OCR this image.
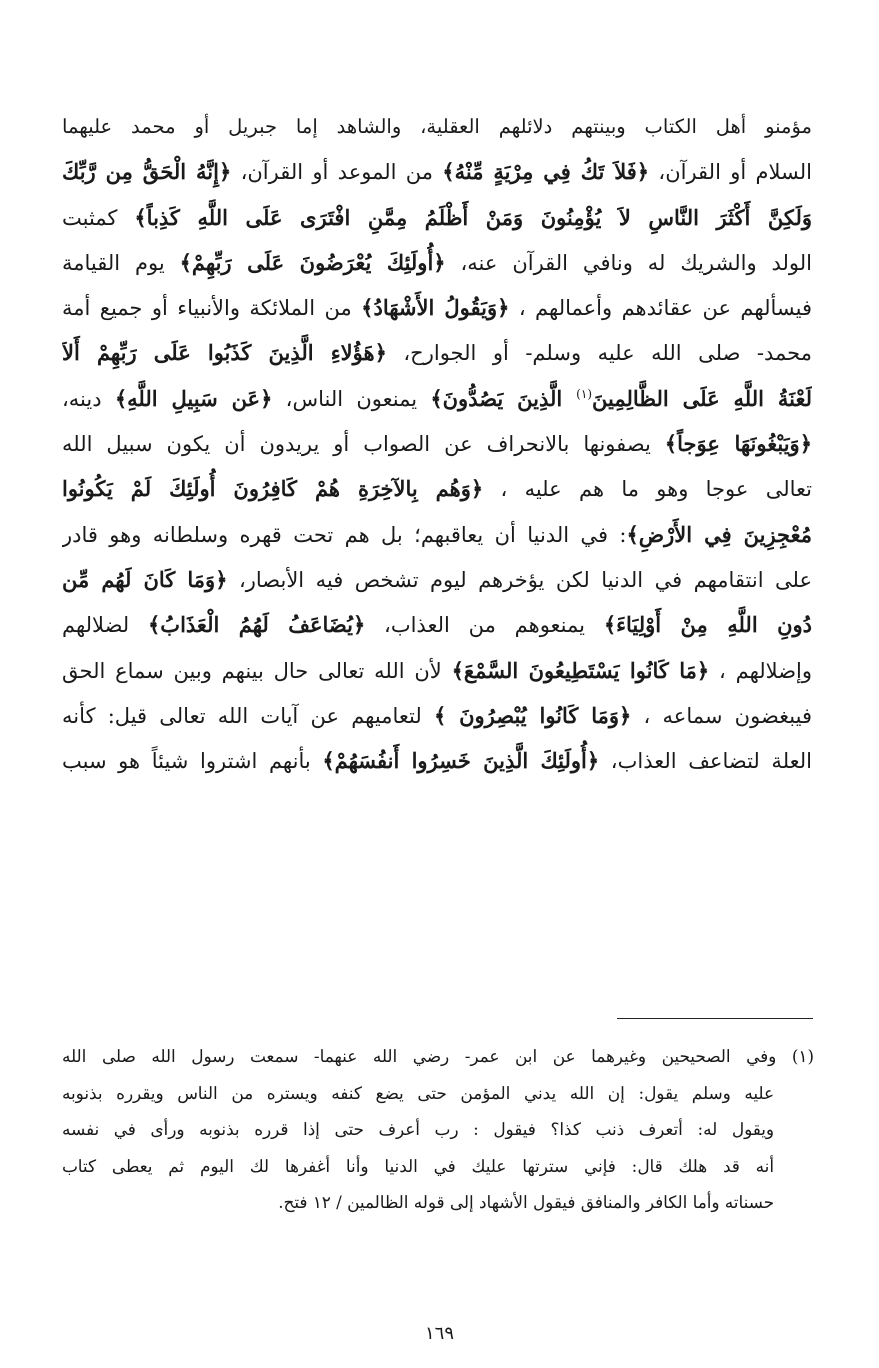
مؤمنو أهل الكتاب وبينتهم دلائلهم العقلية، والشاهد إما جبريل أو محمد عليهما
السلام أو القرآن، ﴿فَلاَ تَكُ فِي مِرْيَةٍ مِّنْهُ﴾ من الموعد أو القرآن، ﴿إِنَّهُ الْحَقُّ مِن رَّبِّكَ
وَلَكِنَّ أَكْثَرَ النَّاسِ لاَ يُؤْمِنُونَ وَمَنْ أَظْلَمُ مِمَّنِ افْتَرَى عَلَى اللَّهِ كَذِباً﴾ كمثبت
الولد والشريك له ونافي القرآن عنه، ﴿أُولَئِكَ يُعْرَضُونَ عَلَى رَبِّهِمْ﴾ يوم القيامة
فيسألهم عن عقائدهم وأعمالهم ، ﴿وَيَقُولُ الأَشْهَادُ﴾ من الملائكة والأنبياء أو جميع أمة
محمد- صلى الله عليه وسلم- أو الجوارح، ﴿هَؤُلاءِ الَّذِينَ كَذَبُوا عَلَى رَبِّهِمْ أَلاَ
لَعْنَةُ اللَّهِ عَلَى الظَّالِمِينَ$^{(١)}$ الَّذِينَ يَصُدُّونَ﴾ يمنعون الناس، ﴿عَن سَبِيلِ اللَّهِ﴾ دينه،
﴿وَيَبْغُونَهَا عِوَجاً﴾ يصفونها بالانحراف عن الصواب أو يريدون أن يكون سبيل الله
تعالى عوجا وهو ما هم عليه ، ﴿وَهُم بِالآخِرَةِ هُمْ كَافِرُونَ أُولَئِكَ لَمْ يَكُونُوا
مُعْجِزِينَ فِي الأَرْضِ﴾: في الدنيا أن يعاقبهم؛ بل هم تحت قهره وسلطانه وهو قادر
على انتقامهم في الدنيا لكن يؤخرهم ليوم تشخص فيه الأبصار، ﴿وَمَا كَانَ لَهُم مِّن
دُونِ اللَّهِ مِنْ أَوْلِيَاءَ﴾ يمنعوهم من العذاب، ﴿يُضَاعَفُ لَهُمُ الْعَذَابُ﴾ لضلالهم
وإضلالهم ، ﴿مَا كَانُوا يَسْتَطِيعُونَ السَّمْعَ﴾ لأن الله تعالى حال بينهم وبين سماع الحق
فيبغضون سماعه ، ﴿وَمَا كَانُوا يُبْصِرُونَ ﴾ لتعاميهم عن آيات الله تعالى قيل: كأنه
العلة لتضاعف العذاب، ﴿أُولَئِكَ الَّذِينَ خَسِرُوا أَنفُسَهُمْ﴾ بأنهم اشتروا شيئاً هو سبب
(١) وفي الصحيحين وغيرهما عن ابن عمر- رضي الله عنهما- سمعت رسول الله صلى الله
عليه وسلم يقول: إن الله يدني المؤمن حتى يضع كنفه ويستره من الناس ويقرره بذنوبه
ويقول له: أتعرف ذنب كذا؟ فيقول : رب أعرف حتى إذا قرره بذنوبه ورأى في نفسه
أنه قد هلك قال: فإني سترتها عليك في الدنيا وأنا أغفرها لك اليوم ثم يعطى كتاب
حسناته وأما الكافر والمنافق فيقول الأشهاد إلى قوله الظالمين / ١٢ فتح.
١٦٩
